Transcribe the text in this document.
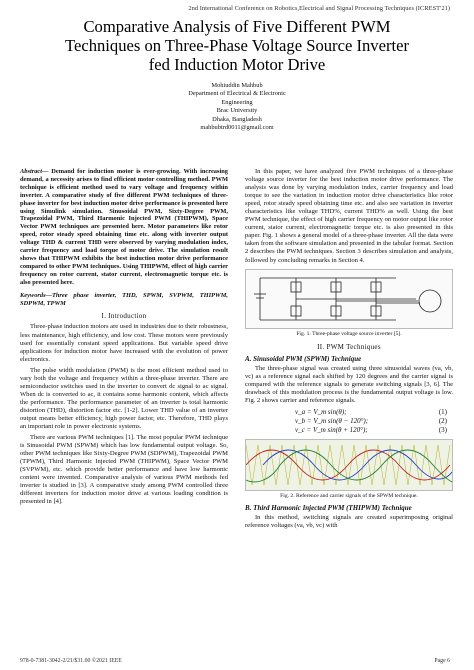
2nd International Conference on Robotics,Electrical and Signal Processing Techniques (ICREST'21)
Comparative Analysis of Five Different PWM
Techniques on Three-Phase Voltage Source Inverter
fed Induction Motor Drive
Mohiuddin Mahbub
Department of Electrical & Electronic
Engineering
Brac University
Dhaka, Bangladesh
mahbubtrd0011@gmail.com
Abstract— Demand for induction motor is ever-growing. With increasing demand, a necessity arises to find efficient motor controlling method. PWM technique is efficient method used to vary voltage and frequency within inverter. A comparative study of five different PWM techniques of three-phase inverter for best induction motor drive performance is presented here using Simulink simulation. Sinusoidal PWM, Sixty-Degree PWM, Trapezoidal PWM, Third Harmonic Injected PWM (THIPWM), Space Vector PWM techniques are presented here. Motor parameters like rotor speed, rotor steady speed obtaining time etc. along with inverter output voltage THD & current THD were observed by varying modulation index, carrier frequency and load torque of motor drive. The simulation result shows that THIPWM exhibits the best induction motor drive performance compared to other PWM techniques. Using THIPWM, effect of high carrier frequency on rotor current, stator current, electromagnetic torque etc. is also presented here.
Keywords—Three phase inverter, THD, SPWM, SVPWM, THIPWM, SDPWM, TPWM
I. Introduction

Three-phase induction motors are used in industries due to their robustness, less maintenance, high efficiency, and low cost. These motors were previously used for essentially constant speed applications. But variable speed drive applications for induction motor have increased with the evolution of power electronics.

The pulse width modulation (PWM) is the most efficient method used to vary both the voltage and frequency within a three-phase inverter. There are semiconductor switches used in the inverter to convert dc signal to ac signal. When dc is converted to ac, it contains some harmonic content, which affects the performance. The performance parameter of an inverter is total harmonic distortion (THD), distortion factor etc. [1-2]. Lower THD value of an inverter output means better efficiency, high power factor, etc. Therefore, THD plays an important role in power electronic systems.

There are various PWM techniques [1]. The most popular PWM technique is Sinusoidal PWM (SPWM) which has low fundamental output voltage. So, other PWM techniques like Sixty-Degree PWM (SDPWM), Trapezoidal PWM (TPWM), Third Harmonic Injected PWM (THIPWM), Space Vector PWM (SVPWM), etc. which provide better performance and have low harmonic content were invented. Comparative analysis of various PWM methods fed inverter is studied in [3]. A comparative study among PWM controlled three different inverters for induction motor drive at various loading condition is presented in [4].

In this paper, we have analyzed five PWM techniques of a three-phase voltage source inverter for the best induction motor drive performance. The analysis was done by varying modulation index, carrier frequency and load torque to see the variation in induction motor drive characteristics like rotor speed, rotor steady speed obtaining time etc. and also see variation in inverter characteristics like voltage THD%, current THD% as well. Using the best PWM technique, the effect of high carrier frequency on motor output like rotor current, stator current, electromagnetic torque etc. is also presented in this paper. Fig. 1 shows a general model of a three-phase inverter. All the data were taken from the software simulation and presented in the tabular format. Section 2 describes the PWM techniques. Section 3 describes simulation and analysis, followed by concluding remarks in Section 4.

Fig. 1. Three-phase voltage source inverter [5].
II. PWM Techniques
A. Sinusoidal PWM (SPWM) Technique

The three-phase signal was created using three sinusoidal waves (va, vb, vc) as a reference signal each shifted by 120 degrees and the carrier signal is compared with the reference signals to generate switching signals [3, 6]. The drawback of this modulation process is the fundamental output voltage is low. Fig. 2 shows carrier and reference signals.

v_a = V_m sin(θ);	(1)
v_b = V_m sin(θ − 120°);	(2)
v_c = V_m sin(θ + 120°);	(3)
Fig. 2. Reference and carrier signals of the SPWM technique.
B. Third Harmonic Injected PWM (THIPWM) Technique

In this method, switching signals are created superimposing original reference voltages (va, vb, vc) with

978-0-7381-3042-2/21/$31.00 ©2021 IEEE	Page 6
